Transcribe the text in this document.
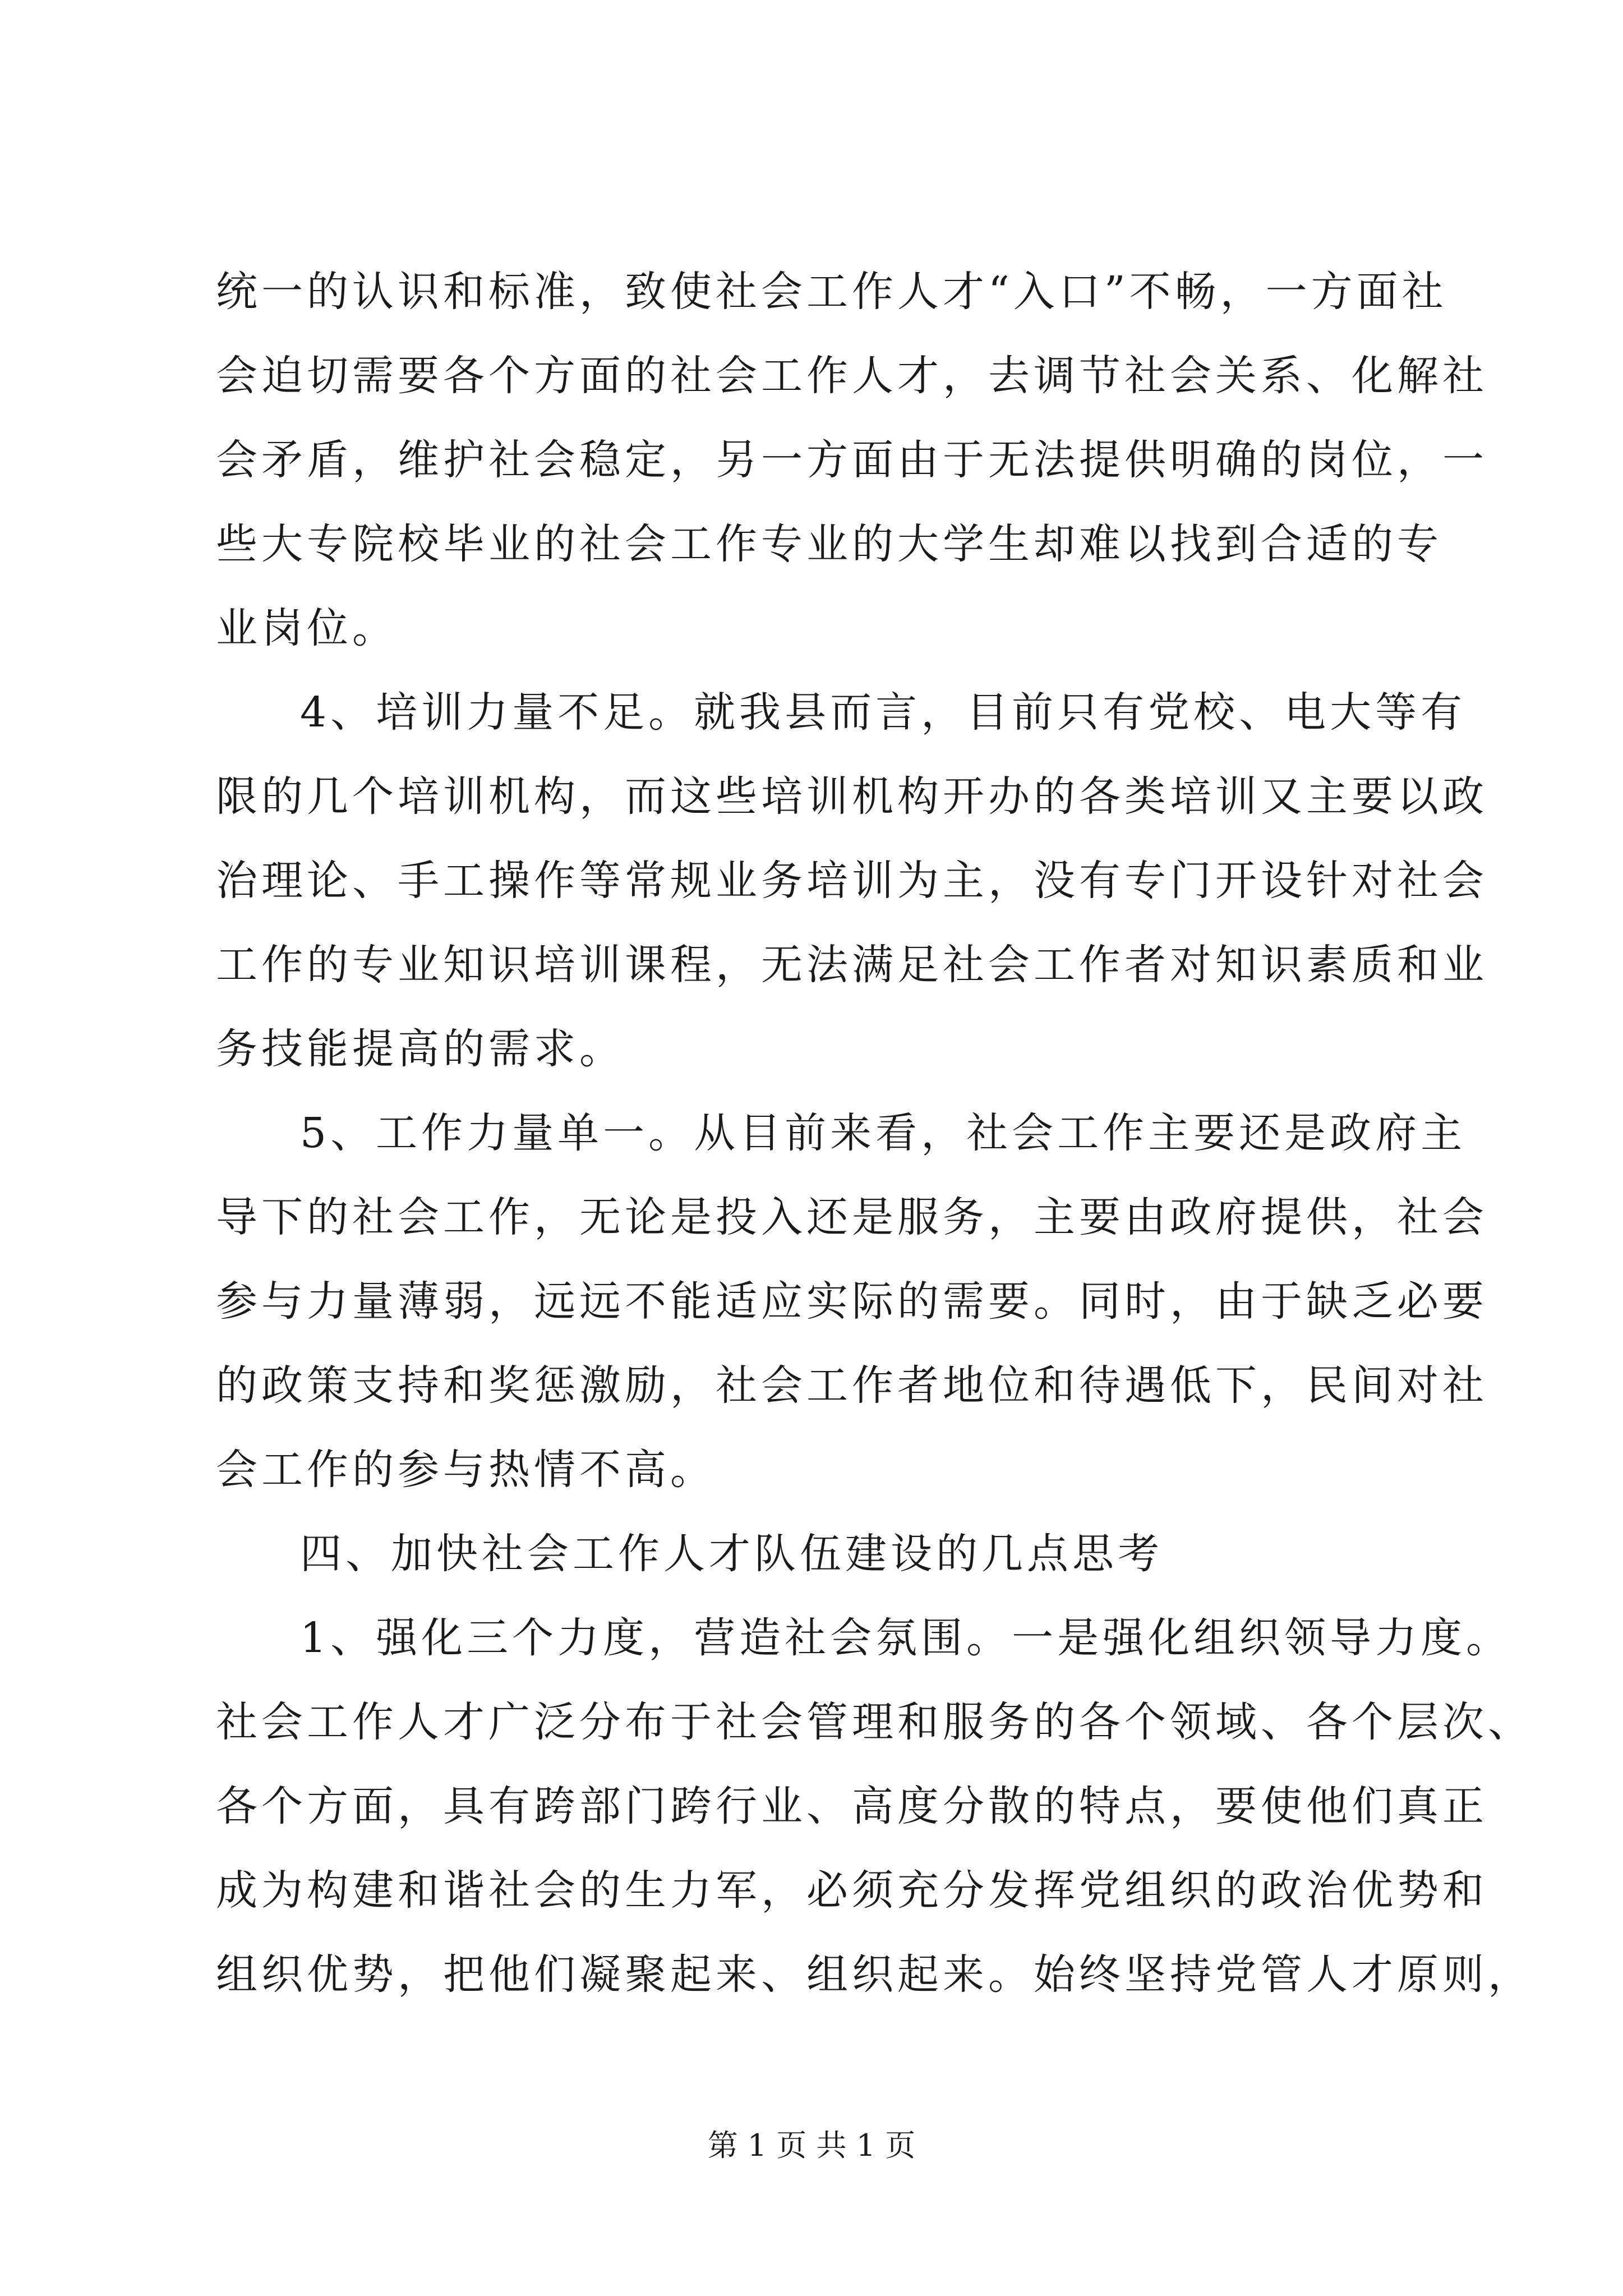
统一的认识和标准，致使社会工作人才“入口”不畅，一方面社
会迫切需要各个方面的社会工作人才，去调节社会关系、化解社
会矛盾，维护社会稳定，另一方面由于无法提供明确的岗位，一
些大专院校毕业的社会工作专业的大学生却难以找到合适的专
业岗位。
4、培训力量不足。就我县而言，目前只有党校、电大等有
限的几个培训机构，而这些培训机构开办的各类培训又主要以政
治理论、手工操作等常规业务培训为主，没有专门开设针对社会
工作的专业知识培训课程，无法满足社会工作者对知识素质和业
务技能提高的需求。
5、工作力量单一。从目前来看，社会工作主要还是政府主
导下的社会工作，无论是投入还是服务，主要由政府提供，社会
参与力量薄弱，远远不能适应实际的需要。同时，由于缺乏必要
的政策支持和奖惩激励，社会工作者地位和待遇低下，民间对社
会工作的参与热情不高。
四、加快社会工作人才队伍建设的几点思考
1、强化三个力度，营造社会氛围。一是强化组织领导力度。
社会工作人才广泛分布于社会管理和服务的各个领域、各个层次、
各个方面，具有跨部门跨行业、高度分散的特点，要使他们真正
成为构建和谐社会的生力军，必须充分发挥党组织的政治优势和
组织优势，把他们凝聚起来、组织起来。始终坚持党管人才原则，
第 1 页 共 1 页
